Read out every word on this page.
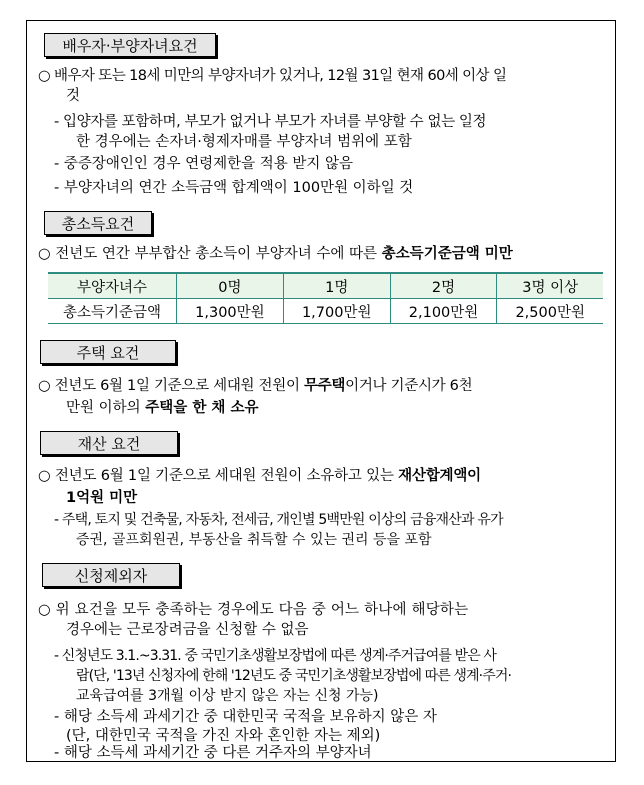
배우자·부양자녀요건
○ 배우자 또는 18세 미만의 부양자녀가 있거나, 12월 31일 현재 60세 이상 일
것
- 입양자를 포함하며, 부모가 없거나 부모가 자녀를 부양할 수 없는 일정
한 경우에는 손자녀·형제자매를 부양자녀 범위에 포함
- 중증장애인인 경우 연령제한을 적용 받지 않음
- 부양자녀의 연간 소득금액 합계액이 100만원 이하일 것
총소득요건
○ 전년도 연간 부부합산 총소득이 부양자녀 수에 따른 총소득기준금액 미만
부양자녀수	0명	1명	2명	3명 이상
총소득기준금액	1,300만원	1,700만원	2,100만원	2,500만원
주택 요건
○ 전년도 6월 1일 기준으로 세대원 전원이 무주택이거나 기준시가 6천
만원 이하의 주택을 한 채 소유
재산 요건
○ 전년도 6월 1일 기준으로 세대원 전원이 소유하고 있는 재산합계액이
1억원 미만
- 주택, 토지 및 건축물, 자동차, 전세금, 개인별 5백만원 이상의 금융재산과 유가
증권, 골프회원권, 부동산을 취득할 수 있는 권리 등을 포함
신청제외자
○ 위 요건을 모두 충족하는 경우에도 다음 중 어느 하나에 해당하는
경우에는 근로장려금을 신청할 수 없음
- 신청년도 3.1.~3.31. 중 국민기초생활보장법에 따른 생계·주거급여를 받은 사
람(단, '13년 신청자에 한해 '12년도 중 국민기초생활보장법에 따른 생계·주거·
교육급여를 3개월 이상 받지 않은 자는 신청 가능)
- 해당 소득세 과세기간 중 대한민국 국적을 보유하지 않은 자
(단, 대한민국 국적을 가진 자와 혼인한 자는 제외)
- 해당 소득세 과세기간 중 다른 거주자의 부양자녀
